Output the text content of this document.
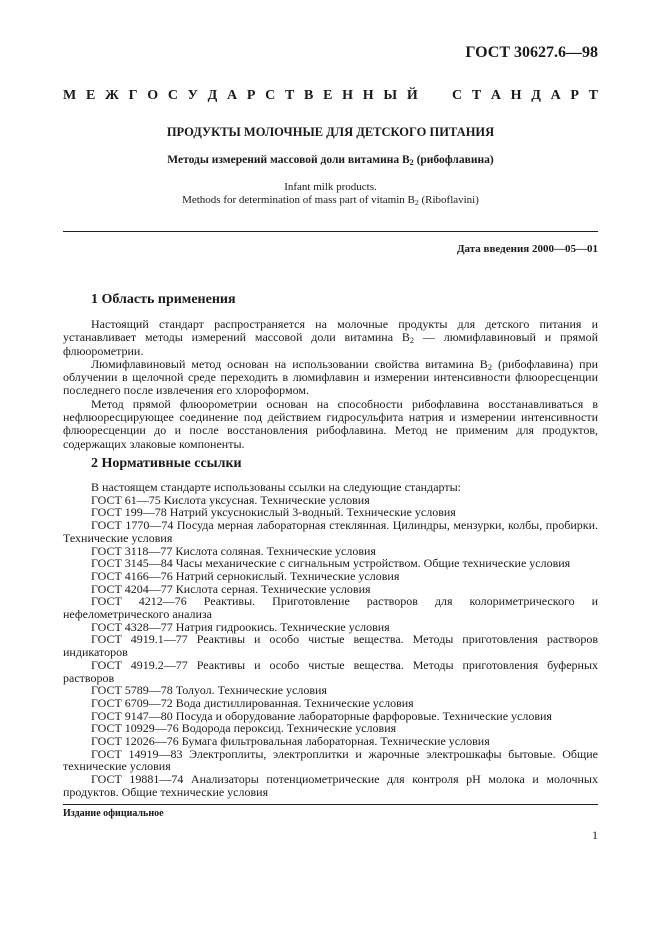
ГОСТ 30627.6—98
М Е Ж Г О С У Д А Р С Т В Е Н Н Ы Й С Т А Н Д А Р Т
ПРОДУКТЫ МОЛОЧНЫЕ ДЛЯ ДЕТСКОГО ПИТАНИЯ
Методы измерений массовой доли витамина $B_2$ (рибофлавина)
Infant milk products.
Methods for determination of mass part of vitamin $B_2$ (Riboflavini)
Дата введения 2000—05—01
1 Область применения

Настоящий стандарт распространяется на молочные продукты для детского питания и устанавливает методы измерений массовой доли витамина $B_2$ — люмифлавиновый и прямой флюорометрии.

Люмифлавиновый метод основан на использовании свойства витамина $B_2$ (рибофлавина) при облучении в щелочной среде переходить в люмифлавин и измерении интенсивности флюоресценции последнего после извлечения его хлороформом.

Метод прямой флюорометрии основан на способности рибофлавина восстанавливаться в нефлюоресцирующее соединение под действием гидросульфита натрия и измерении интенсивности флюоресценции до и после восстановления рибофлавина. Метод не применим для продуктов, содержащих злаковые компоненты.

2 Нормативные ссылки

В настоящем стандарте использованы ссылки на следующие стандарты:

ГОСТ 61—75 Кислота уксусная. Технические условия

ГОСТ 199—78 Натрий уксуснокислый 3-водный. Технические условия

ГОСТ 1770—74 Посуда мерная лабораторная стеклянная. Цилиндры, мензурки, колбы, пробирки. Технические условия

ГОСТ 3118—77 Кислота соляная. Технические условия

ГОСТ 3145—84 Часы механические с сигнальным устройством. Общие технические условия

ГОСТ 4166—76 Натрий сернокислый. Технические условия

ГОСТ 4204—77 Кислота серная. Технические условия

ГОСТ 4212—76 Реактивы. Приготовление растворов для колориметрического и нефелометрического анализа

ГОСТ 4328—77 Натрия гидроокись. Технические условия

ГОСТ 4919.1—77 Реактивы и особо чистые вещества. Методы приготовления растворов индикаторов

ГОСТ 4919.2—77 Реактивы и особо чистые вещества. Методы приготовления буферных растворов

ГОСТ 5789—78 Толуол. Технические условия

ГОСТ 6709—72 Вода дистиллированная. Технические условия

ГОСТ 9147—80 Посуда и оборудование лабораторные фарфоровые. Технические условия

ГОСТ 10929—76 Водорода пероксид. Технические условия

ГОСТ 12026—76 Бумага фильтровальная лабораторная. Технические условия

ГОСТ 14919—83 Электроплиты, электроплитки и жарочные электрошкафы бытовые. Общие технические условия

ГОСТ 19881—74 Анализаторы потенциометрические для контроля pH молока и молочных продуктов. Общие технические условия

Издание официальное
1
